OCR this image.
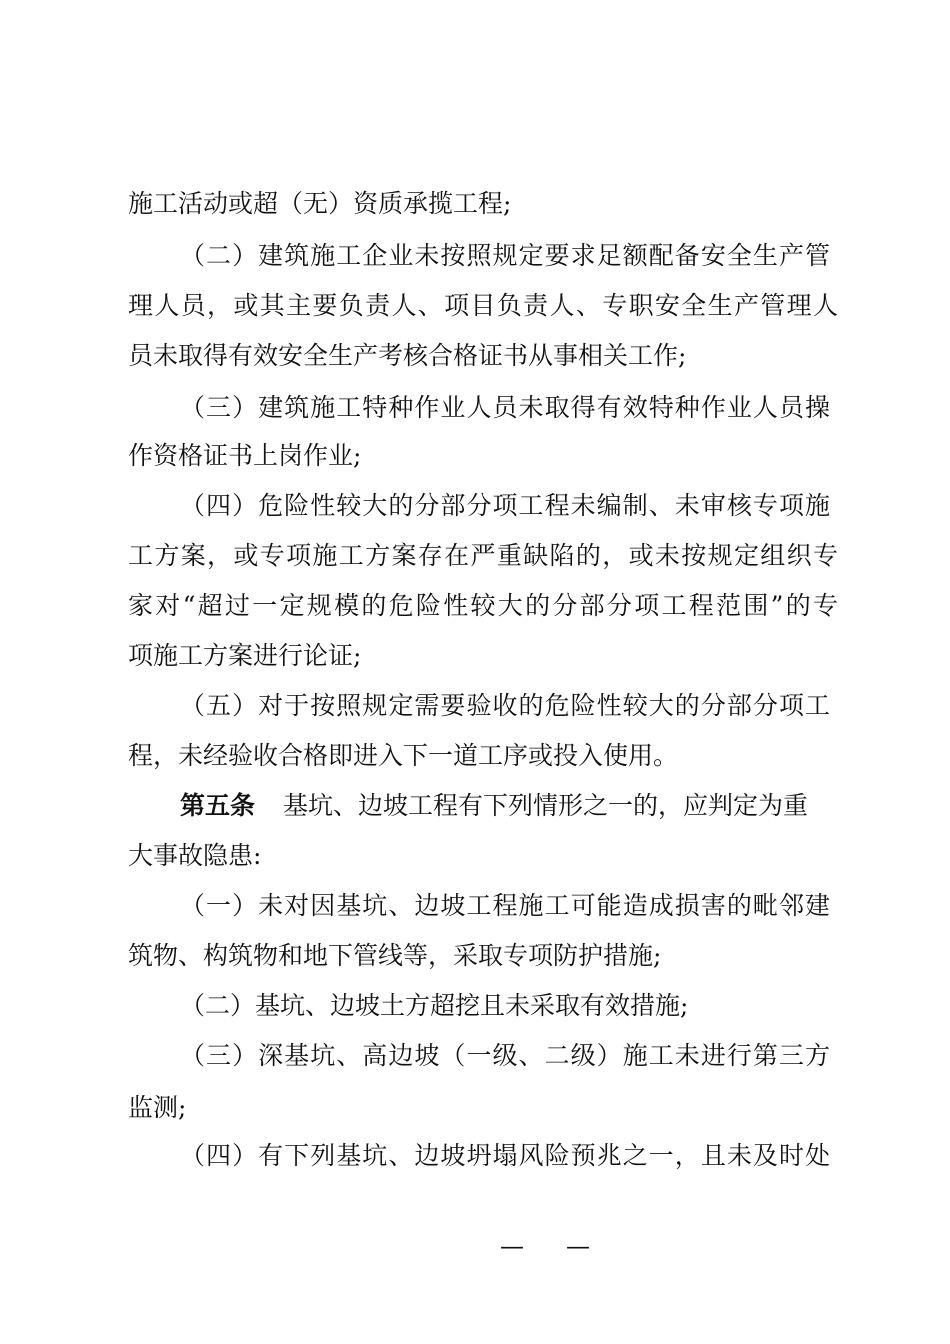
施工活动或超（无）资质承揽工程;
（二）建筑施工企业未按照规定要求足额配备安全生产管
理人员，或其主要负责人、项目负责人、专职安全生产管理人
员未取得有效安全生产考核合格证书从事相关工作;
（三）建筑施工特种作业人员未取得有效特种作业人员操
作资格证书上岗作业;
（四）危险性较大的分部分项工程未编制、未审核专项施
工方案，或专项施工方案存在严重缺陷的，或未按规定组织专
家对“超过一定规模的危险性较大的分部分项工程范围”的专
项施工方案进行论证;
（五）对于按照规定需要验收的危险性较大的分部分项工
程，未经验收合格即进入下一道工序或投入使用。
第五条 基坑、边坡工程有下列情形之一的，应判定为重
大事故隐患:
（一）未对因基坑、边坡工程施工可能造成损害的毗邻建
筑物、构筑物和地下管线等，采取专项防护措施;
（二）基坑、边坡土方超挖且未采取有效措施;
（三）深基坑、高边坡（一级、二级）施工未进行第三方
监测;
（四）有下列基坑、边坡坍塌风险预兆之一，且未及时处
— —
